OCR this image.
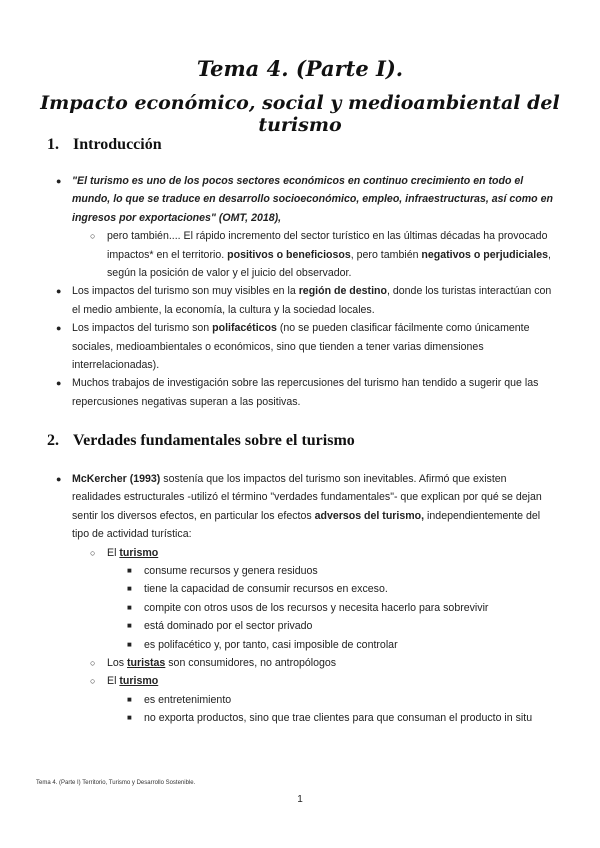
Tema 4. (Parte I).
Impacto económico, social y medioambiental del turismo
1. Introducción
● "El turismo es uno de los pocos sectores económicos en continuo crecimiento en todo el mundo, lo que se traduce en desarrollo socioeconómico, empleo, infraestructuras, así como en ingresos por exportaciones" (OMT, 2018),
○ pero también.... El rápido incremento del sector turístico en las últimas décadas ha provocado impactos* en el territorio. positivos o beneficiosos, pero también negativos o perjudiciales, según la posición de valor y el juicio del observador.
● Los impactos del turismo son muy visibles en la región de destino, donde los turistas interactúan con el medio ambiente, la economía, la cultura y la sociedad locales.
● Los impactos del turismo son polifacéticos (no se pueden clasificar fácilmente como únicamente sociales, medioambientales o económicos, sino que tienden a tener varias dimensiones interrelacionadas).
● Muchos trabajos de investigación sobre las repercusiones del turismo han tendido a sugerir que las repercusiones negativas superan a las positivas.
2. Verdades fundamentales sobre el turismo
● McKercher (1993) sostenía que los impactos del turismo son inevitables. Afirmó que existen realidades estructurales -utilizó el término "verdades fundamentales"- que explican por qué se dejan sentir los diversos efectos, en particular los efectos adversos del turismo, independientemente del tipo de actividad turística:
○ El turismo
■ consume recursos y genera residuos
■ tiene la capacidad de consumir recursos en exceso.
■ compite con otros usos de los recursos y necesita hacerlo para sobrevivir
■ está dominado por el sector privado
■ es polifacético y, por tanto, casi imposible de controlar
○ Los turistas son consumidores, no antropólogos
○ El turismo
■ es entretenimiento
■ no exporta productos, sino que trae clientes para que consuman el producto in situ
Tema 4. (Parte I) Territorio, Turismo y Desarrollo Sostenible.
1
